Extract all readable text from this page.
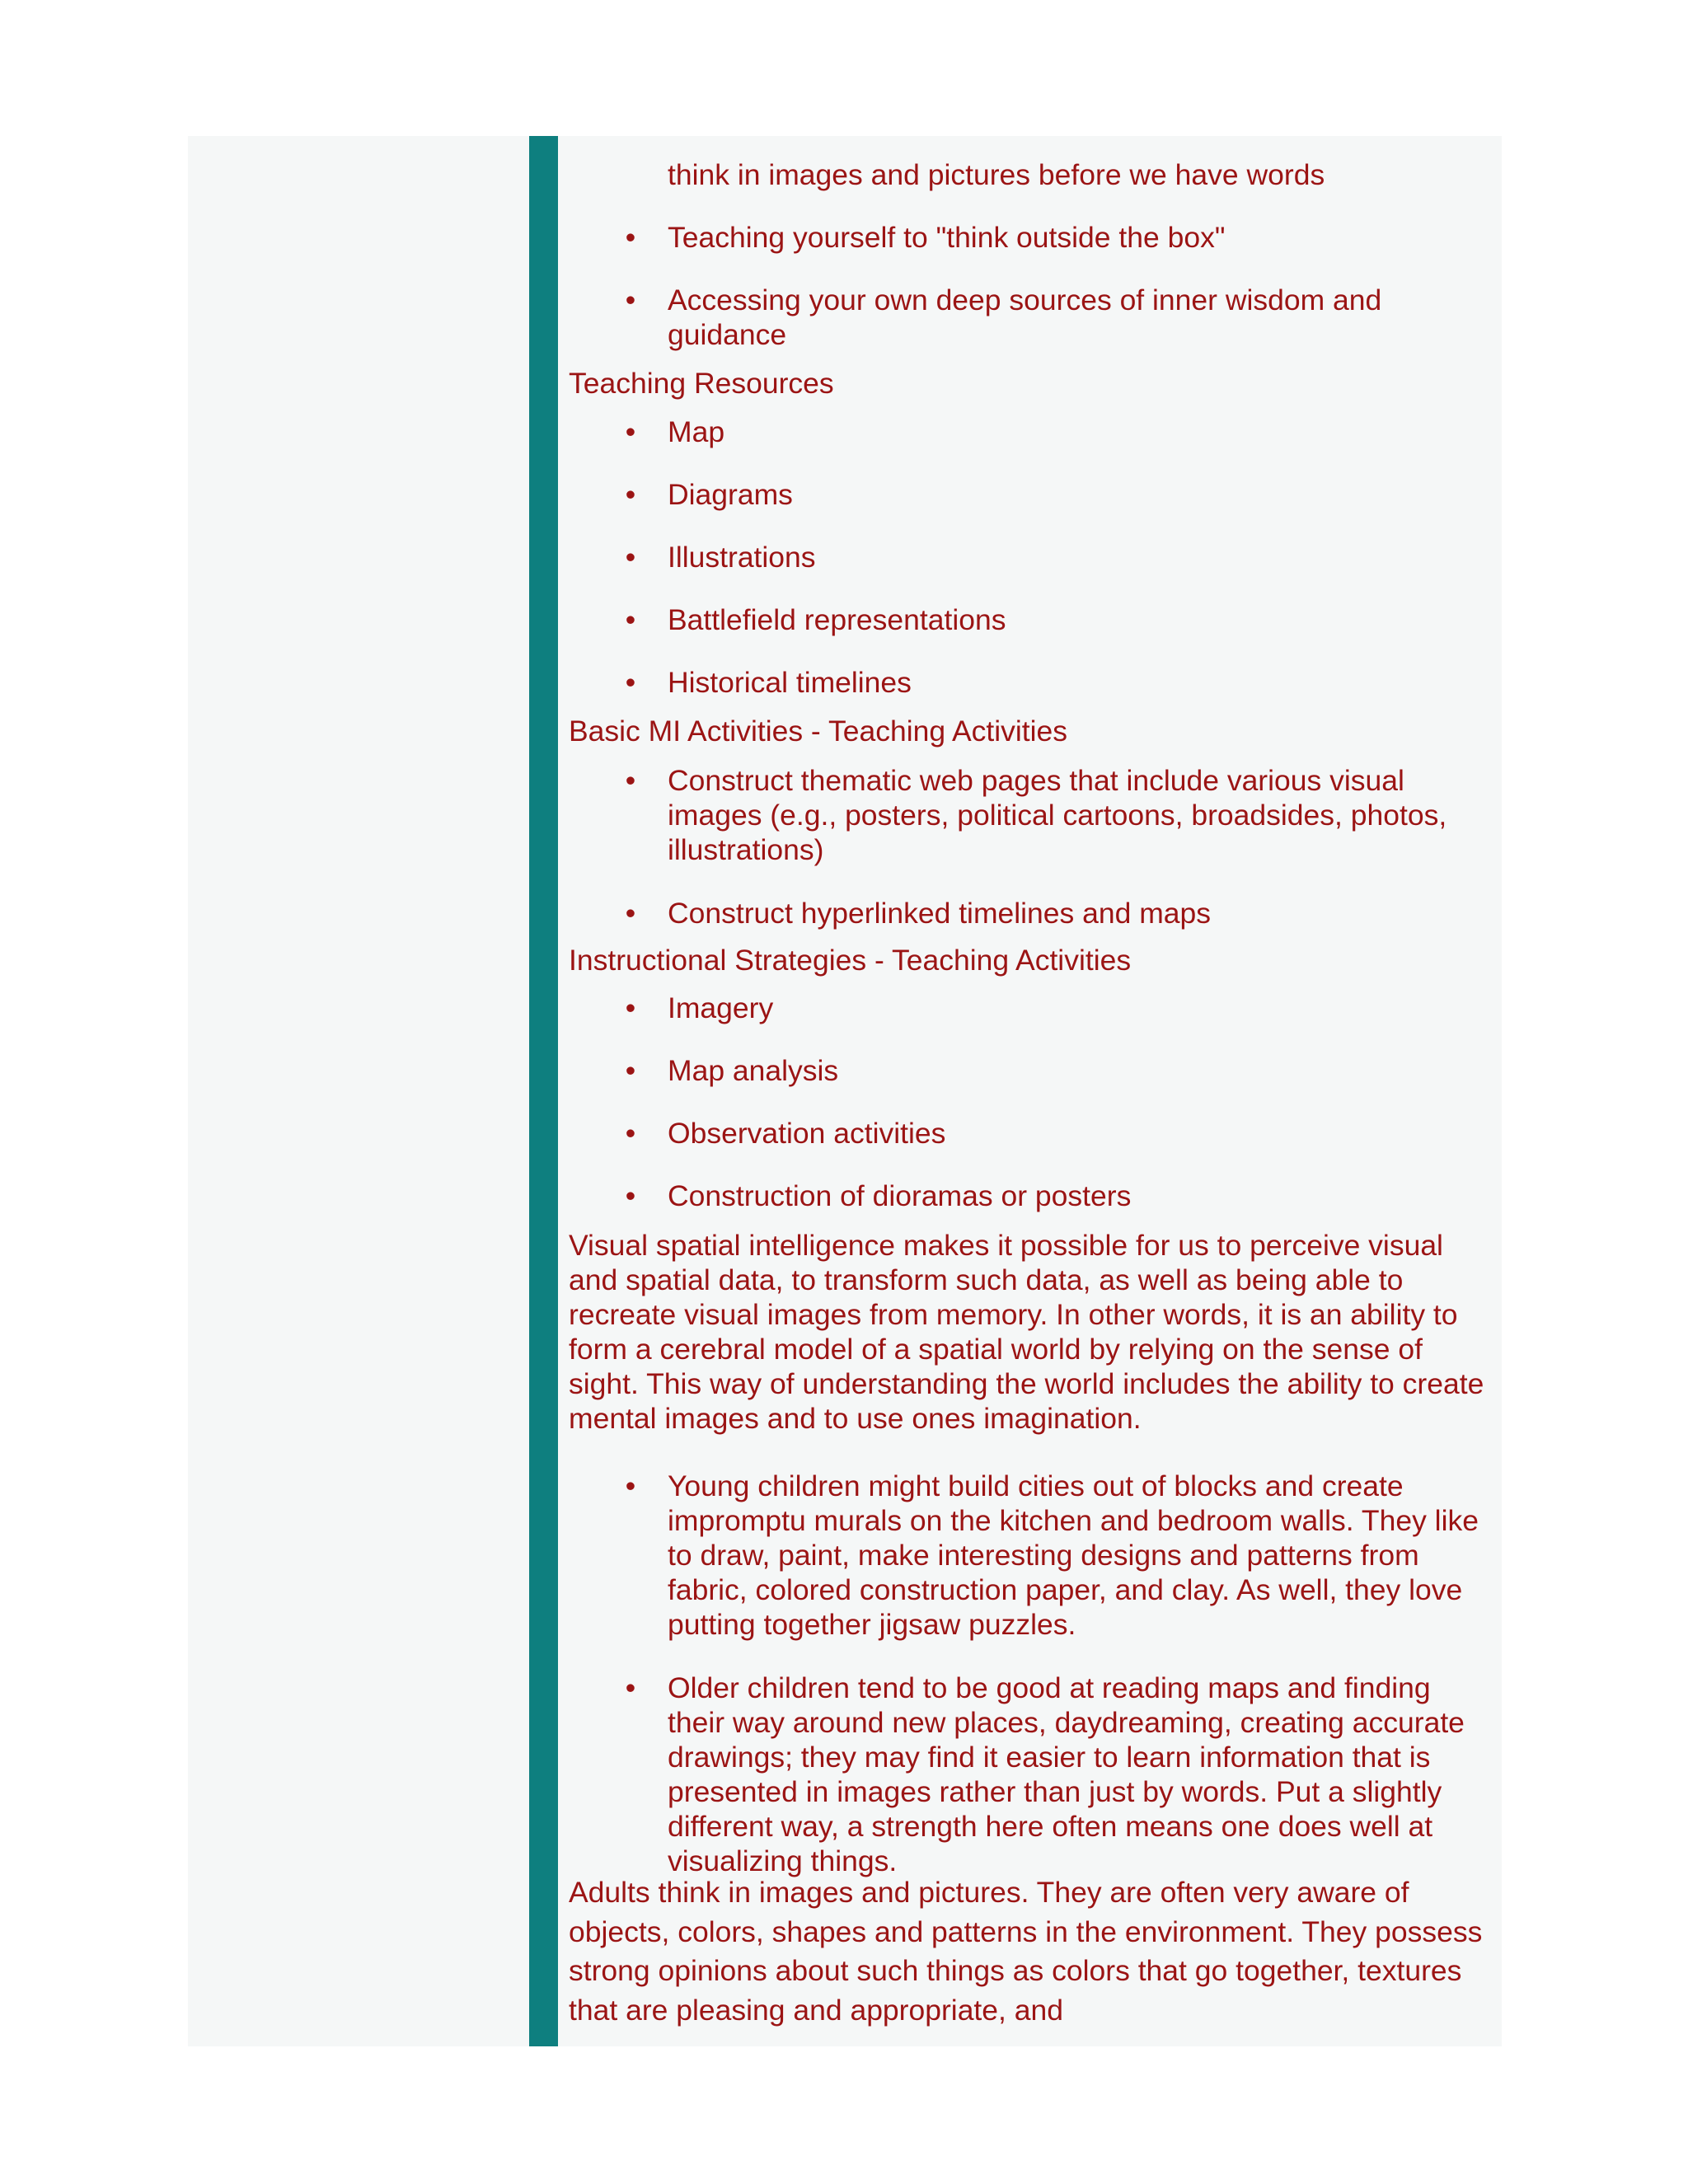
think in images and pictures before we have words
• Teaching yourself to "think outside the box"
• Accessing your own deep sources of inner wisdom and guidance
Teaching Resources
• Map
• Diagrams
• Illustrations
• Battlefield representations
• Historical timelines
Basic MI Activities - Teaching Activities
• Construct thematic web pages that include various visual images (e.g., posters, political cartoons, broadsides, photos, illustrations)
• Construct hyperlinked timelines and maps
Instructional Strategies - Teaching Activities
• Imagery
• Map analysis
• Observation activities
• Construction of dioramas or posters
Visual spatial intelligence makes it possible for us to perceive visual and spatial data, to transform such data, as well as being able to recreate visual images from memory. In other words, it is an ability to form a cerebral model of a spatial world by relying on the sense of sight. This way of understanding the world includes the ability to create mental images and to use ones imagination.
• Young children might build cities out of blocks and create impromptu murals on the kitchen and bedroom walls. They like to draw, paint, make interesting designs and patterns from fabric, colored construction paper, and clay. As well, they love putting together jigsaw puzzles.
• Older children tend to be good at reading maps and finding their way around new places, daydreaming, creating accurate drawings; they may find it easier to learn information that is presented in images rather than just by words. Put a slightly different way, a strength here often means one does well at visualizing things.
Adults think in images and pictures. They are often very aware of objects, colors, shapes and patterns in the environment. They possess strong opinions about such things as colors that go together, textures that are pleasing and appropriate, and
